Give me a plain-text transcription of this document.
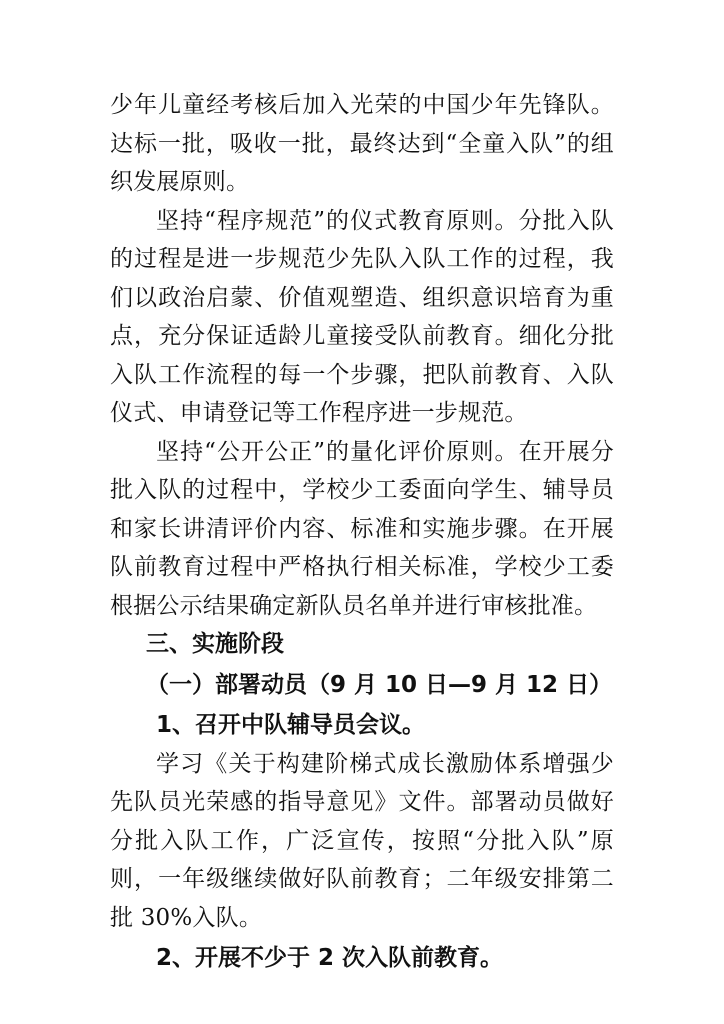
少年儿童经考核后加入光荣的中国少年先锋队。达标一批，吸收一批，最终达到“全童入队”的组织发展原则。

坚持“程序规范”的仪式教育原则。分批入队的过程是进一步规范少先队入队工作的过程，我们以政治启蒙、价值观塑造、组织意识培育为重点，充分保证适龄儿童接受队前教育。细化分批入队工作流程的每一个步骤，把队前教育、入队仪式、申请登记等工作程序进一步规范。

坚持“公开公正”的量化评价原则。在开展分批入队的过程中，学校少工委面向学生、辅导员和家长讲清评价内容、标准和实施步骤。在开展队前教育过程中严格执行相关标准，学校少工委根据公示结果确定新队员名单并进行审核批准。

三、实施阶段

（一）部署动员（9 月 10 日—9 月 12 日）

1、召开中队辅导员会议。

学习《关于构建阶梯式成长激励体系增强少先队员光荣感的指导意见》文件。部署动员做好分批入队工作，广泛宣传，按照“分批入队”原则，一年级继续做好队前教育；二年级安排第二批 30%入队。

2、开展不少于 2 次入队前教育。
